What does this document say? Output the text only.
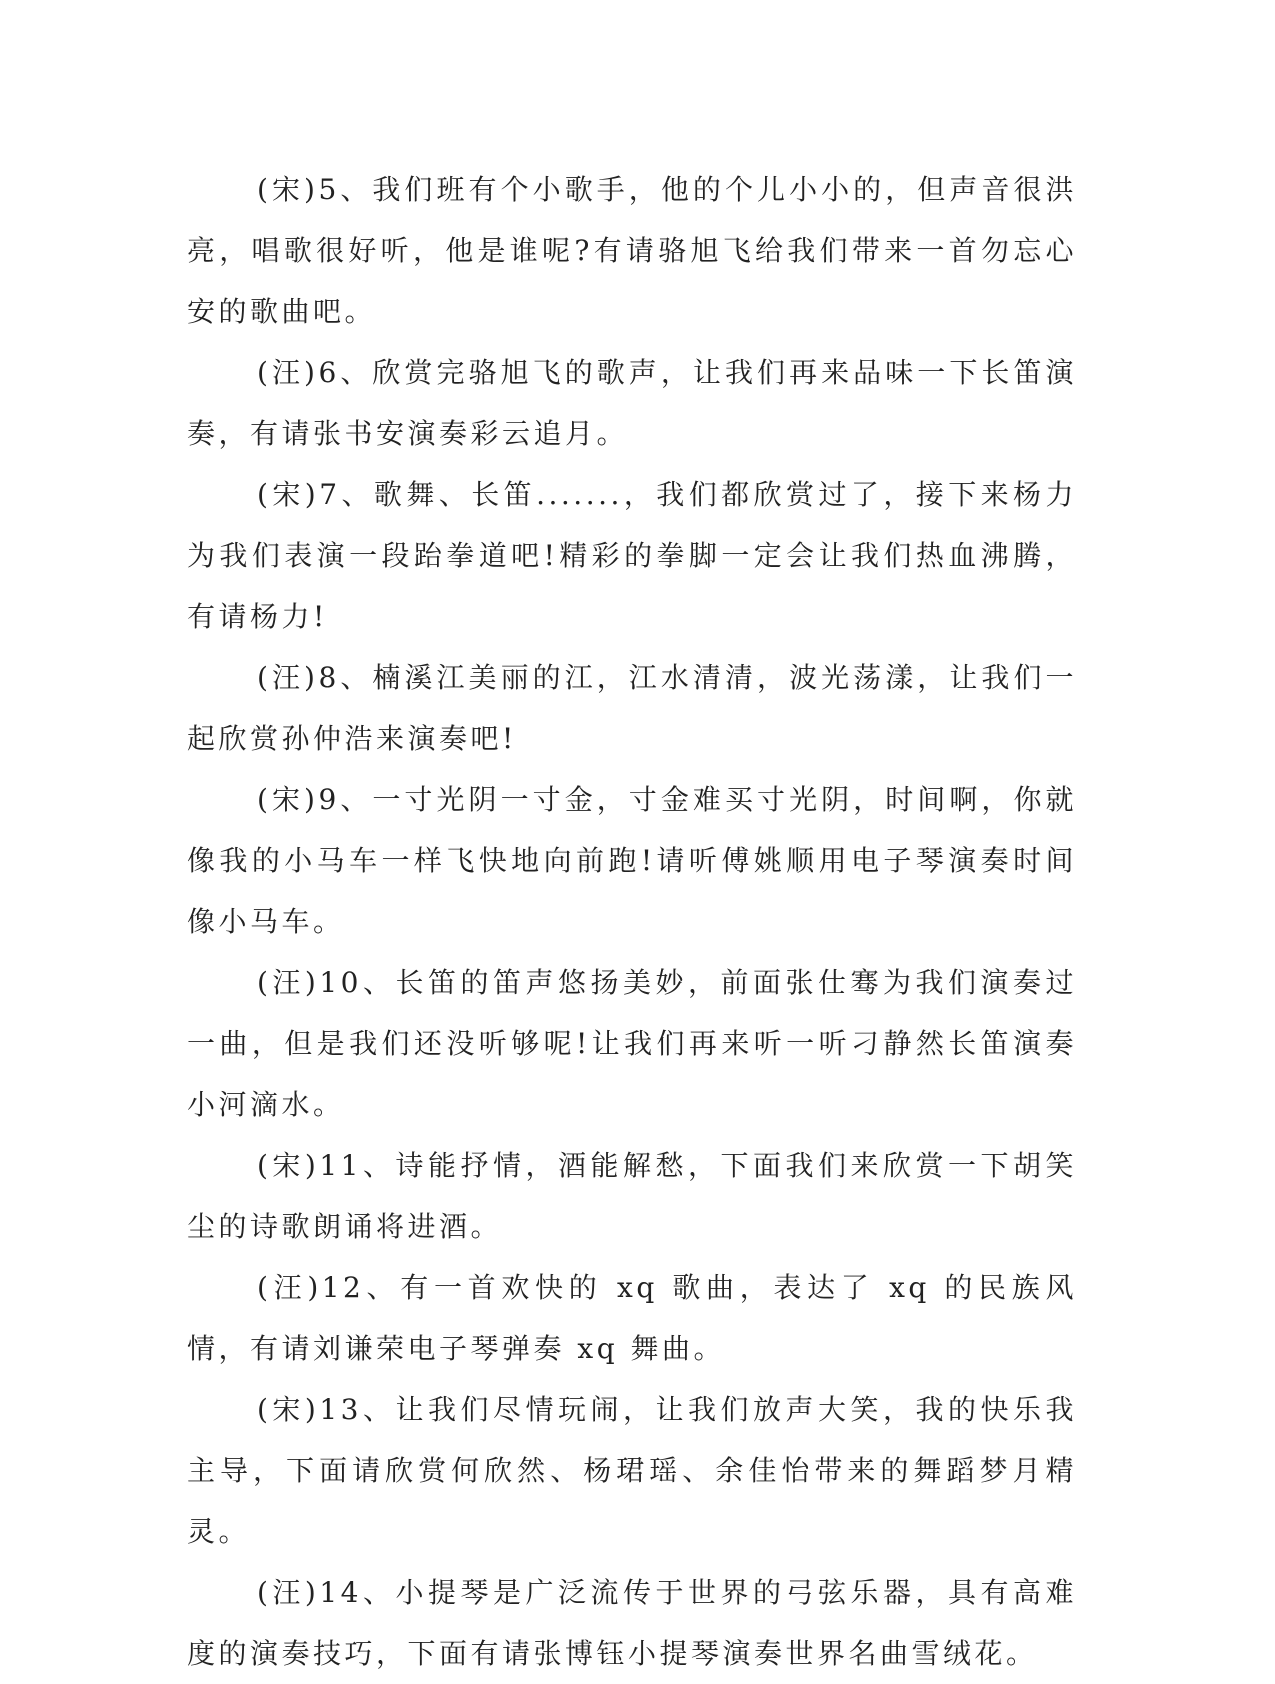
(宋)5、我们班有个小歌手，他的个儿小小的，但声音很洪亮，唱歌很好听，他是谁呢?有请骆旭飞给我们带来一首勿忘心安的歌曲吧。

(汪)6、欣赏完骆旭飞的歌声，让我们再来品味一下长笛演奏，有请张书安演奏彩云追月。

(宋)7、歌舞、长笛.......，我们都欣赏过了，接下来杨力为我们表演一段跆拳道吧!精彩的拳脚一定会让我们热血沸腾，有请杨力!

(汪)8、楠溪江美丽的江，江水清清，波光荡漾，让我们一起欣赏孙仲浩来演奏吧!

(宋)9、一寸光阴一寸金，寸金难买寸光阴，时间啊，你就像我的小马车一样飞快地向前跑!请听傅姚顺用电子琴演奏时间像小马车。

(汪)10、长笛的笛声悠扬美妙，前面张仕骞为我们演奏过一曲，但是我们还没听够呢!让我们再来听一听刁静然长笛演奏小河滴水。

(宋)11、诗能抒情，酒能解愁，下面我们来欣赏一下胡笑尘的诗歌朗诵将进酒。

(汪)12、有一首欢快的 xq 歌曲，表达了 xq 的民族风情，有请刘谦荣电子琴弹奏 xq 舞曲。

(宋)13、让我们尽情玩闹，让我们放声大笑，我的快乐我主导，下面请欣赏何欣然、杨珺瑶、余佳怡带来的舞蹈梦月精灵。

(汪)14、小提琴是广泛流传于世界的弓弦乐器，具有高难度的演奏技巧，下面有请张博钰小提琴演奏世界名曲雪绒花。
